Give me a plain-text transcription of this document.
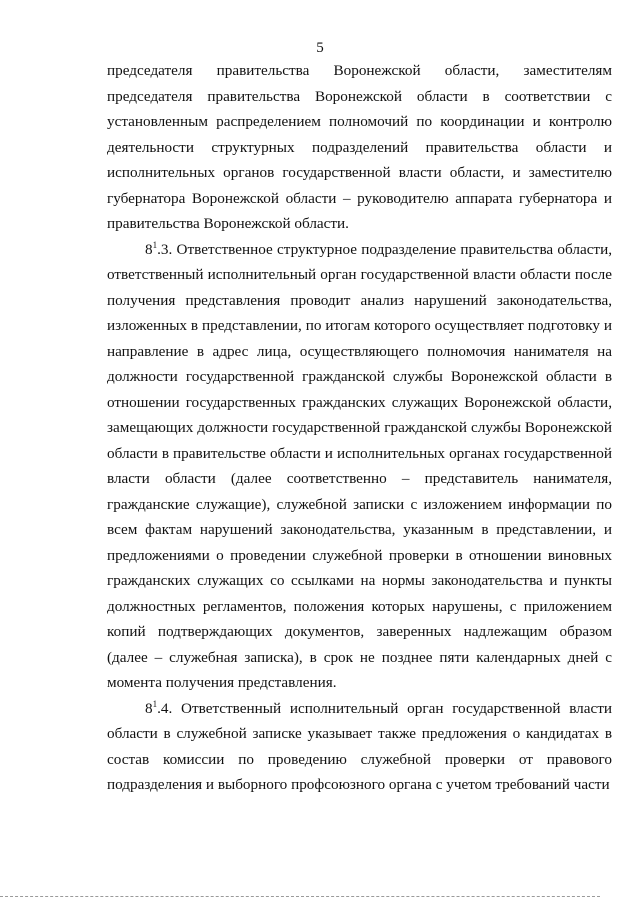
5

председателя правительства Воронежской области, заместителям председателя правительства Воронежской области в соответствии с установленным распределением полномочий по координации и контролю деятельности структурных подразделений правительства области и исполнительных органов государственной власти области, и заместителю губернатора Воронежской области – руководителю аппарата губернатора и правительства Воронежской области.

$8^1.3$. Ответственное структурное подразделение правительства области, ответственный исполнительный орган государственной власти области после получения представления проводит анализ нарушений законодательства, изложенных в представлении, по итогам которого осуществляет подготовку и направление в адрес лица, осуществляющего полномочия нанимателя на должности государственной гражданской службы Воронежской области в отношении государственных гражданских служащих Воронежской области, замещающих должности государственной гражданской службы Воронежской области в правительстве области и исполнительных органах государственной власти области (далее соответственно – представитель нанимателя, гражданские служащие), служебной записки с изложением информации по всем фактам нарушений законодательства, указанным в представлении, и предложениями о проведении служебной проверки в отношении виновных гражданских служащих со ссылками на нормы законодательства и пункты должностных регламентов, положения которых нарушены, с приложением копий подтверждающих документов, заверенных надлежащим образом (далее – служебная записка), в срок не позднее пяти календарных дней с момента получения представления.

$8^1.4$. Ответственный исполнительный орган государственной власти области в служебной записке указывает также предложения о кандидатах в состав комиссии по проведению служебной проверки от правового подразделения и выборного профсоюзного органа с учетом требований части
